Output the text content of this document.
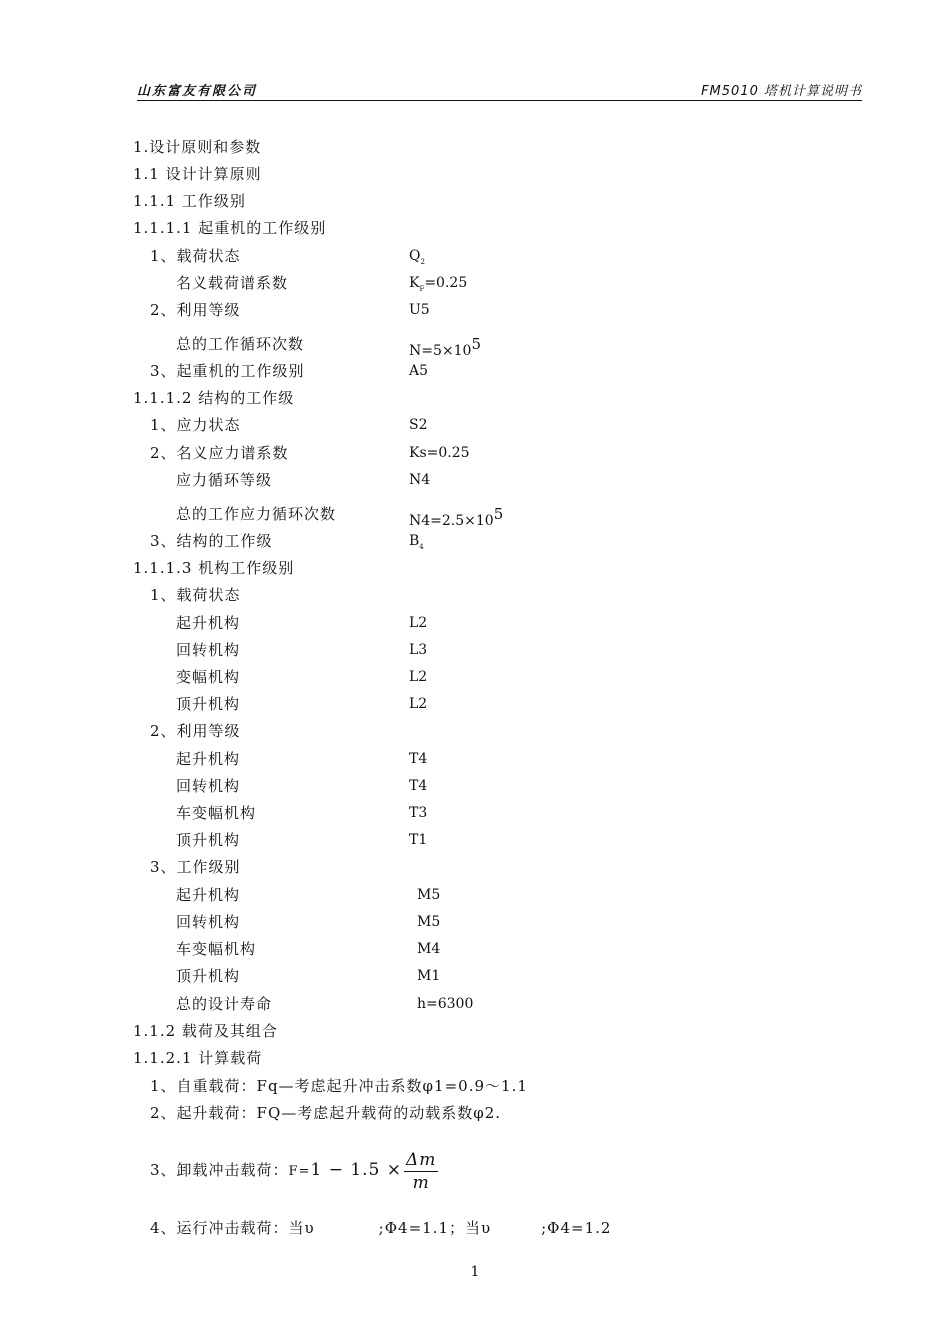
山东富友有限公司	FM5010 塔机计算说明书
1.设计原则和参数
1.1 设计计算原则
1.1.1 工作级别
1.1.1.1 起重机的工作级别
1、载荷状态	$Q_2$
名义载荷谱系数	$K_F=0.25$
2、利用等级	U5
总的工作循环次数	N=5×105
3、起重机的工作级别	A5
1.1.1.2 结构的工作级
1、应力状态	S2
2、名义应力谱系数	Ks=0.25
应力循环等级	N4
总的工作应力循环次数	N4=2.5×105
3、结构的工作级	$B_4$
1.1.1.3 机构工作级别
1、载荷状态
起升机构	L2
回转机构	L3
变幅机构	L2
顶升机构	L2
2、利用等级
起升机构	T4
回转机构	T4
车变幅机构	T3
顶升机构	T1
3、工作级别
起升机构	M5
回转机构	M5
车变幅机构	M4
顶升机构	M1
总的设计寿命	h=6300
1.1.2 载荷及其组合
1.1.2.1 计算载荷
1、自重载荷：Fq—考虑起升冲击系数φ1=0.9～1.1
2、起升载荷：FQ—考虑起升载荷的动载系数φ2.
3、卸载冲击载荷：$F=1 - 1.5 \times \frac{\Delta m}{m}$
4、运行冲击载荷：当υ	;Φ4=1.1；当υ	;Φ4=1.2
1
